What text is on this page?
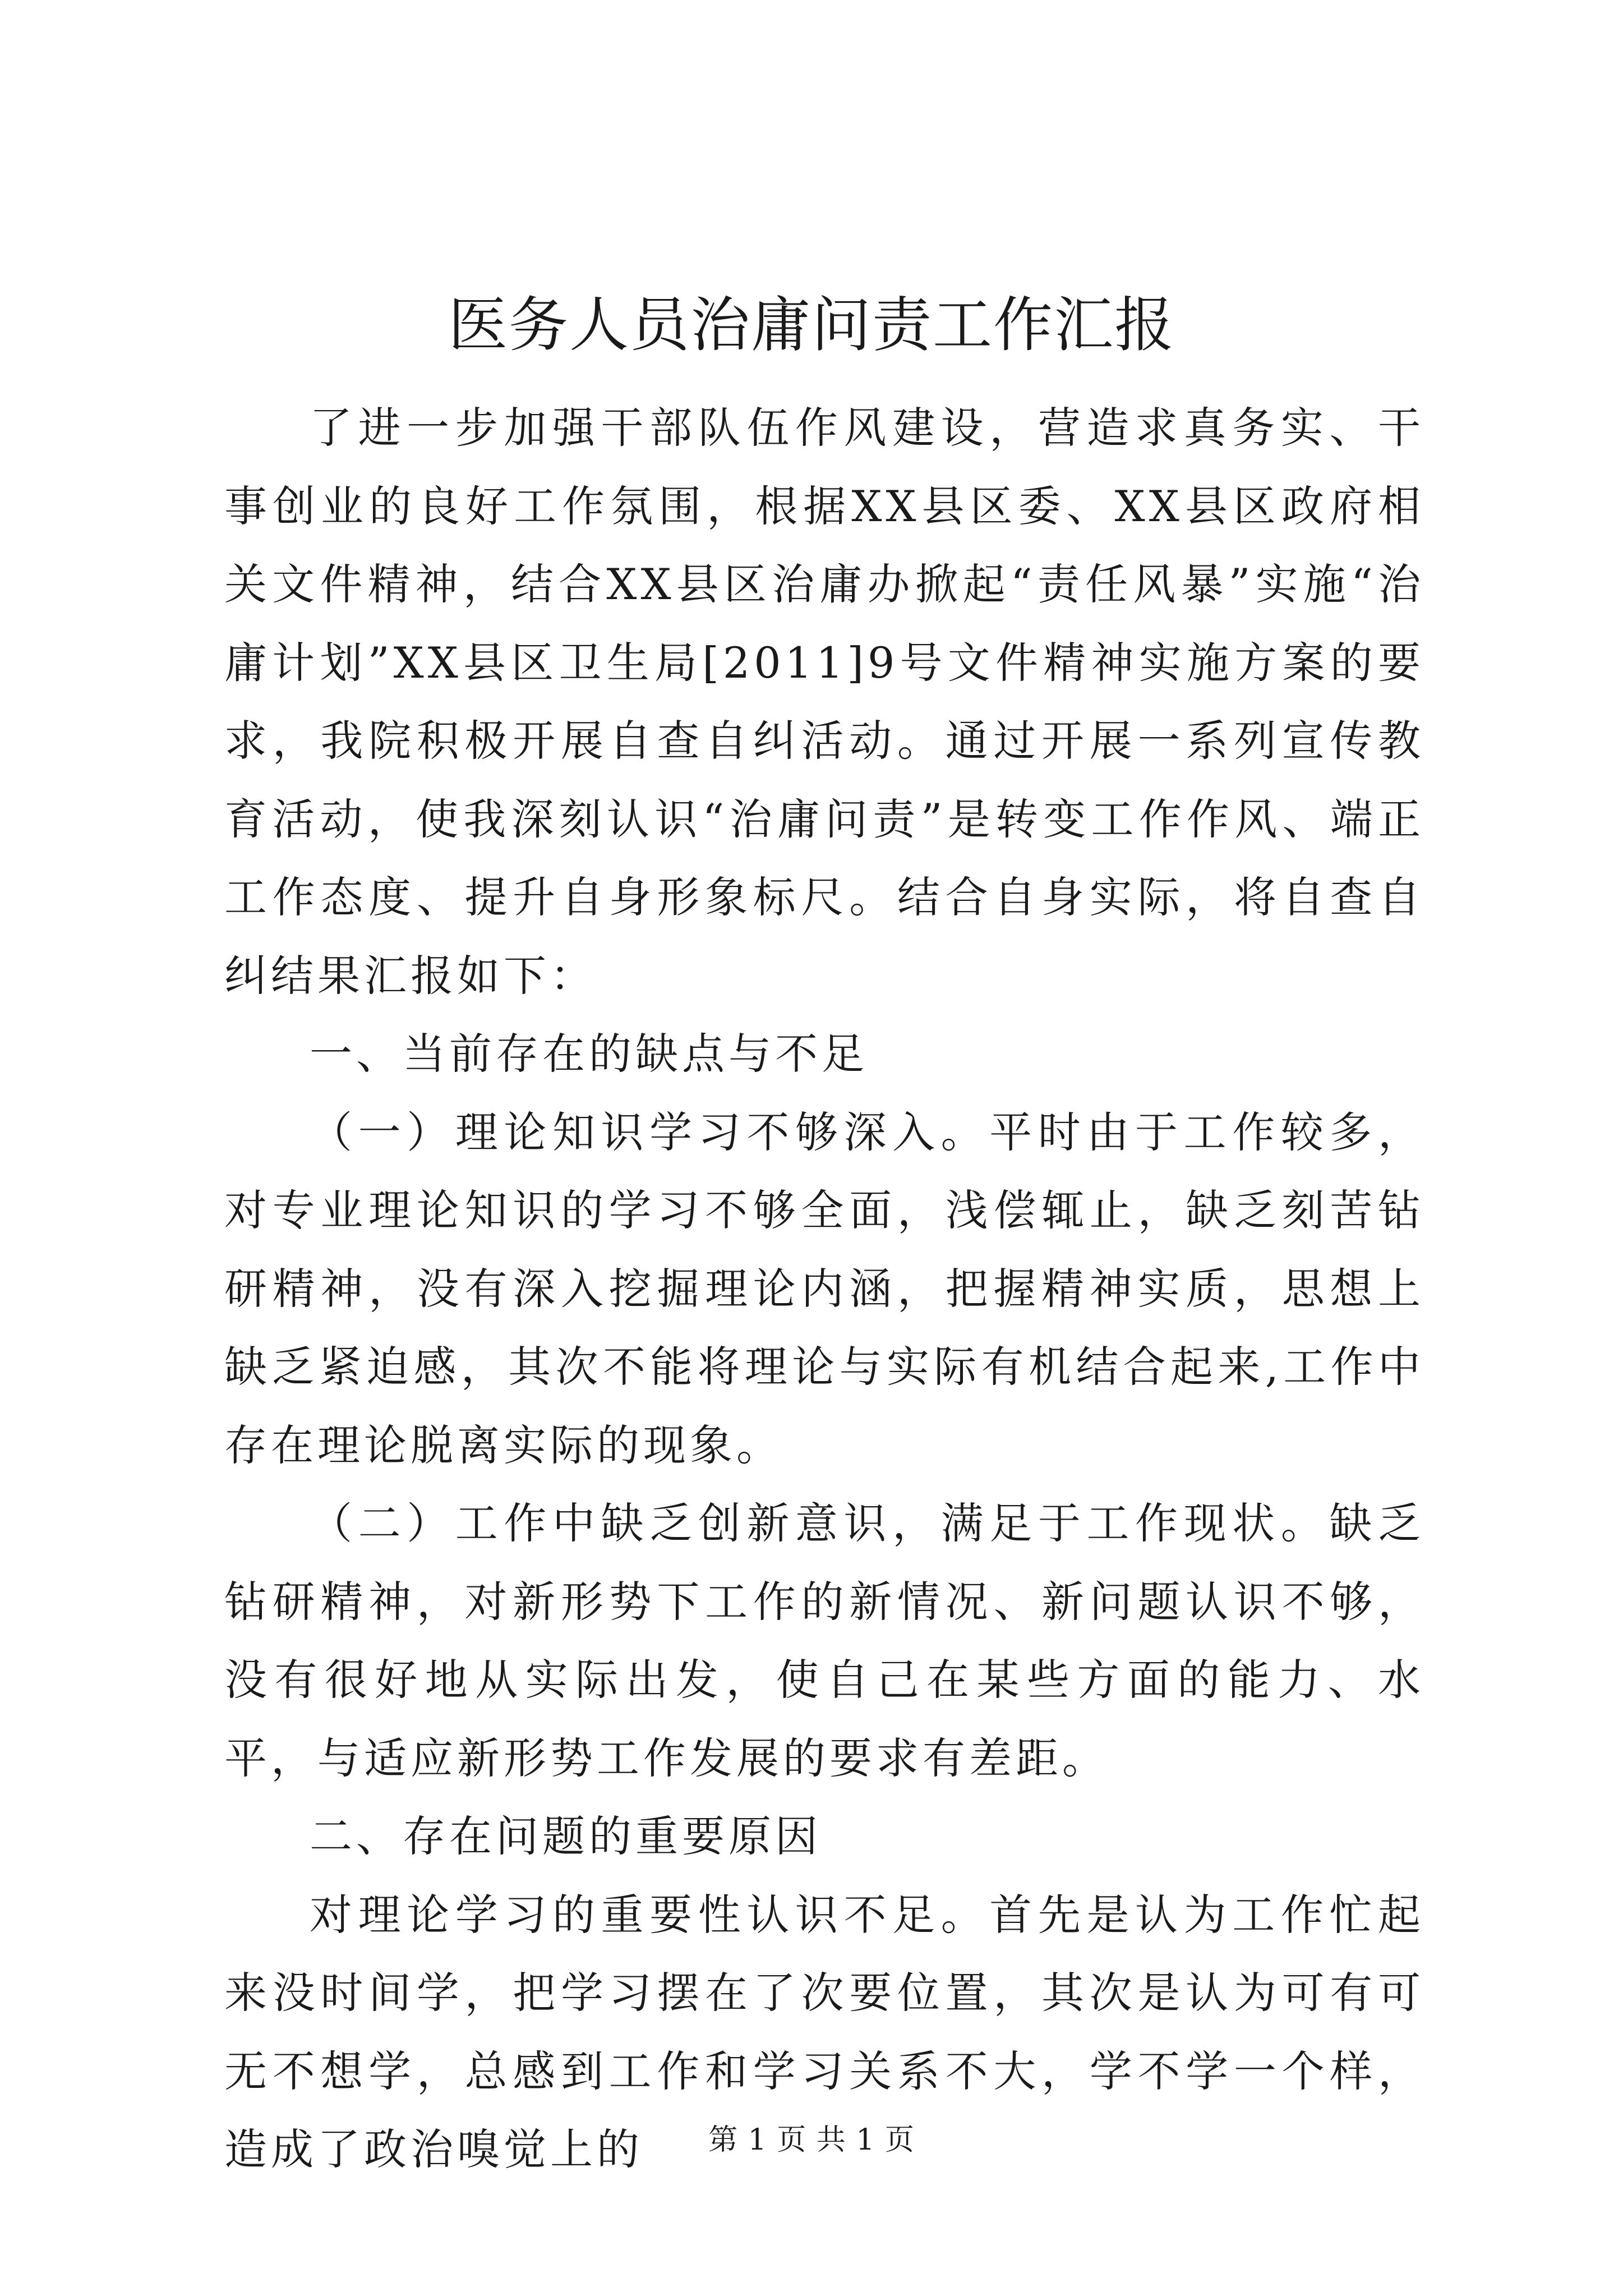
医务人员治庸问责工作汇报

了进一步加强干部队伍作风建设，营造求真务实、干事创业的良好工作氛围，根据XX县区委、XX县区政府相关文件精神，结合XX县区治庸办掀起“责任风暴”实施“治庸计划”XX县区卫生局[2011]9号文件精神实施方案的要求，我院积极开展自查自纠活动。通过开展一系列宣传教育活动，使我深刻认识“治庸问责”是转变工作作风、端正工作态度、提升自身形象标尺。结合自身实际，将自查自纠结果汇报如下：

一、当前存在的缺点与不足

（一）理论知识学习不够深入。平时由于工作较多，对专业理论知识的学习不够全面，浅偿辄止，缺乏刻苦钻研精神，没有深入挖掘理论内涵，把握精神实质，思想上缺乏紧迫感，其次不能将理论与实际有机结合起来,工作中存在理论脱离实际的现象。

（二）工作中缺乏创新意识，满足于工作现状。缺乏钻研精神，对新形势下工作的新情况、新问题认识不够，没有很好地从实际出发，使自己在某些方面的能力、水平，与适应新形势工作发展的要求有差距。

二、存在问题的重要原因

对理论学习的重要性认识不足。首先是认为工作忙起来没时间学，把学习摆在了次要位置，其次是认为可有可无不想学，总感到工作和学习关系不大，学不学一个样，造成了政治嗅觉上的	第 1 页 共 1 页
